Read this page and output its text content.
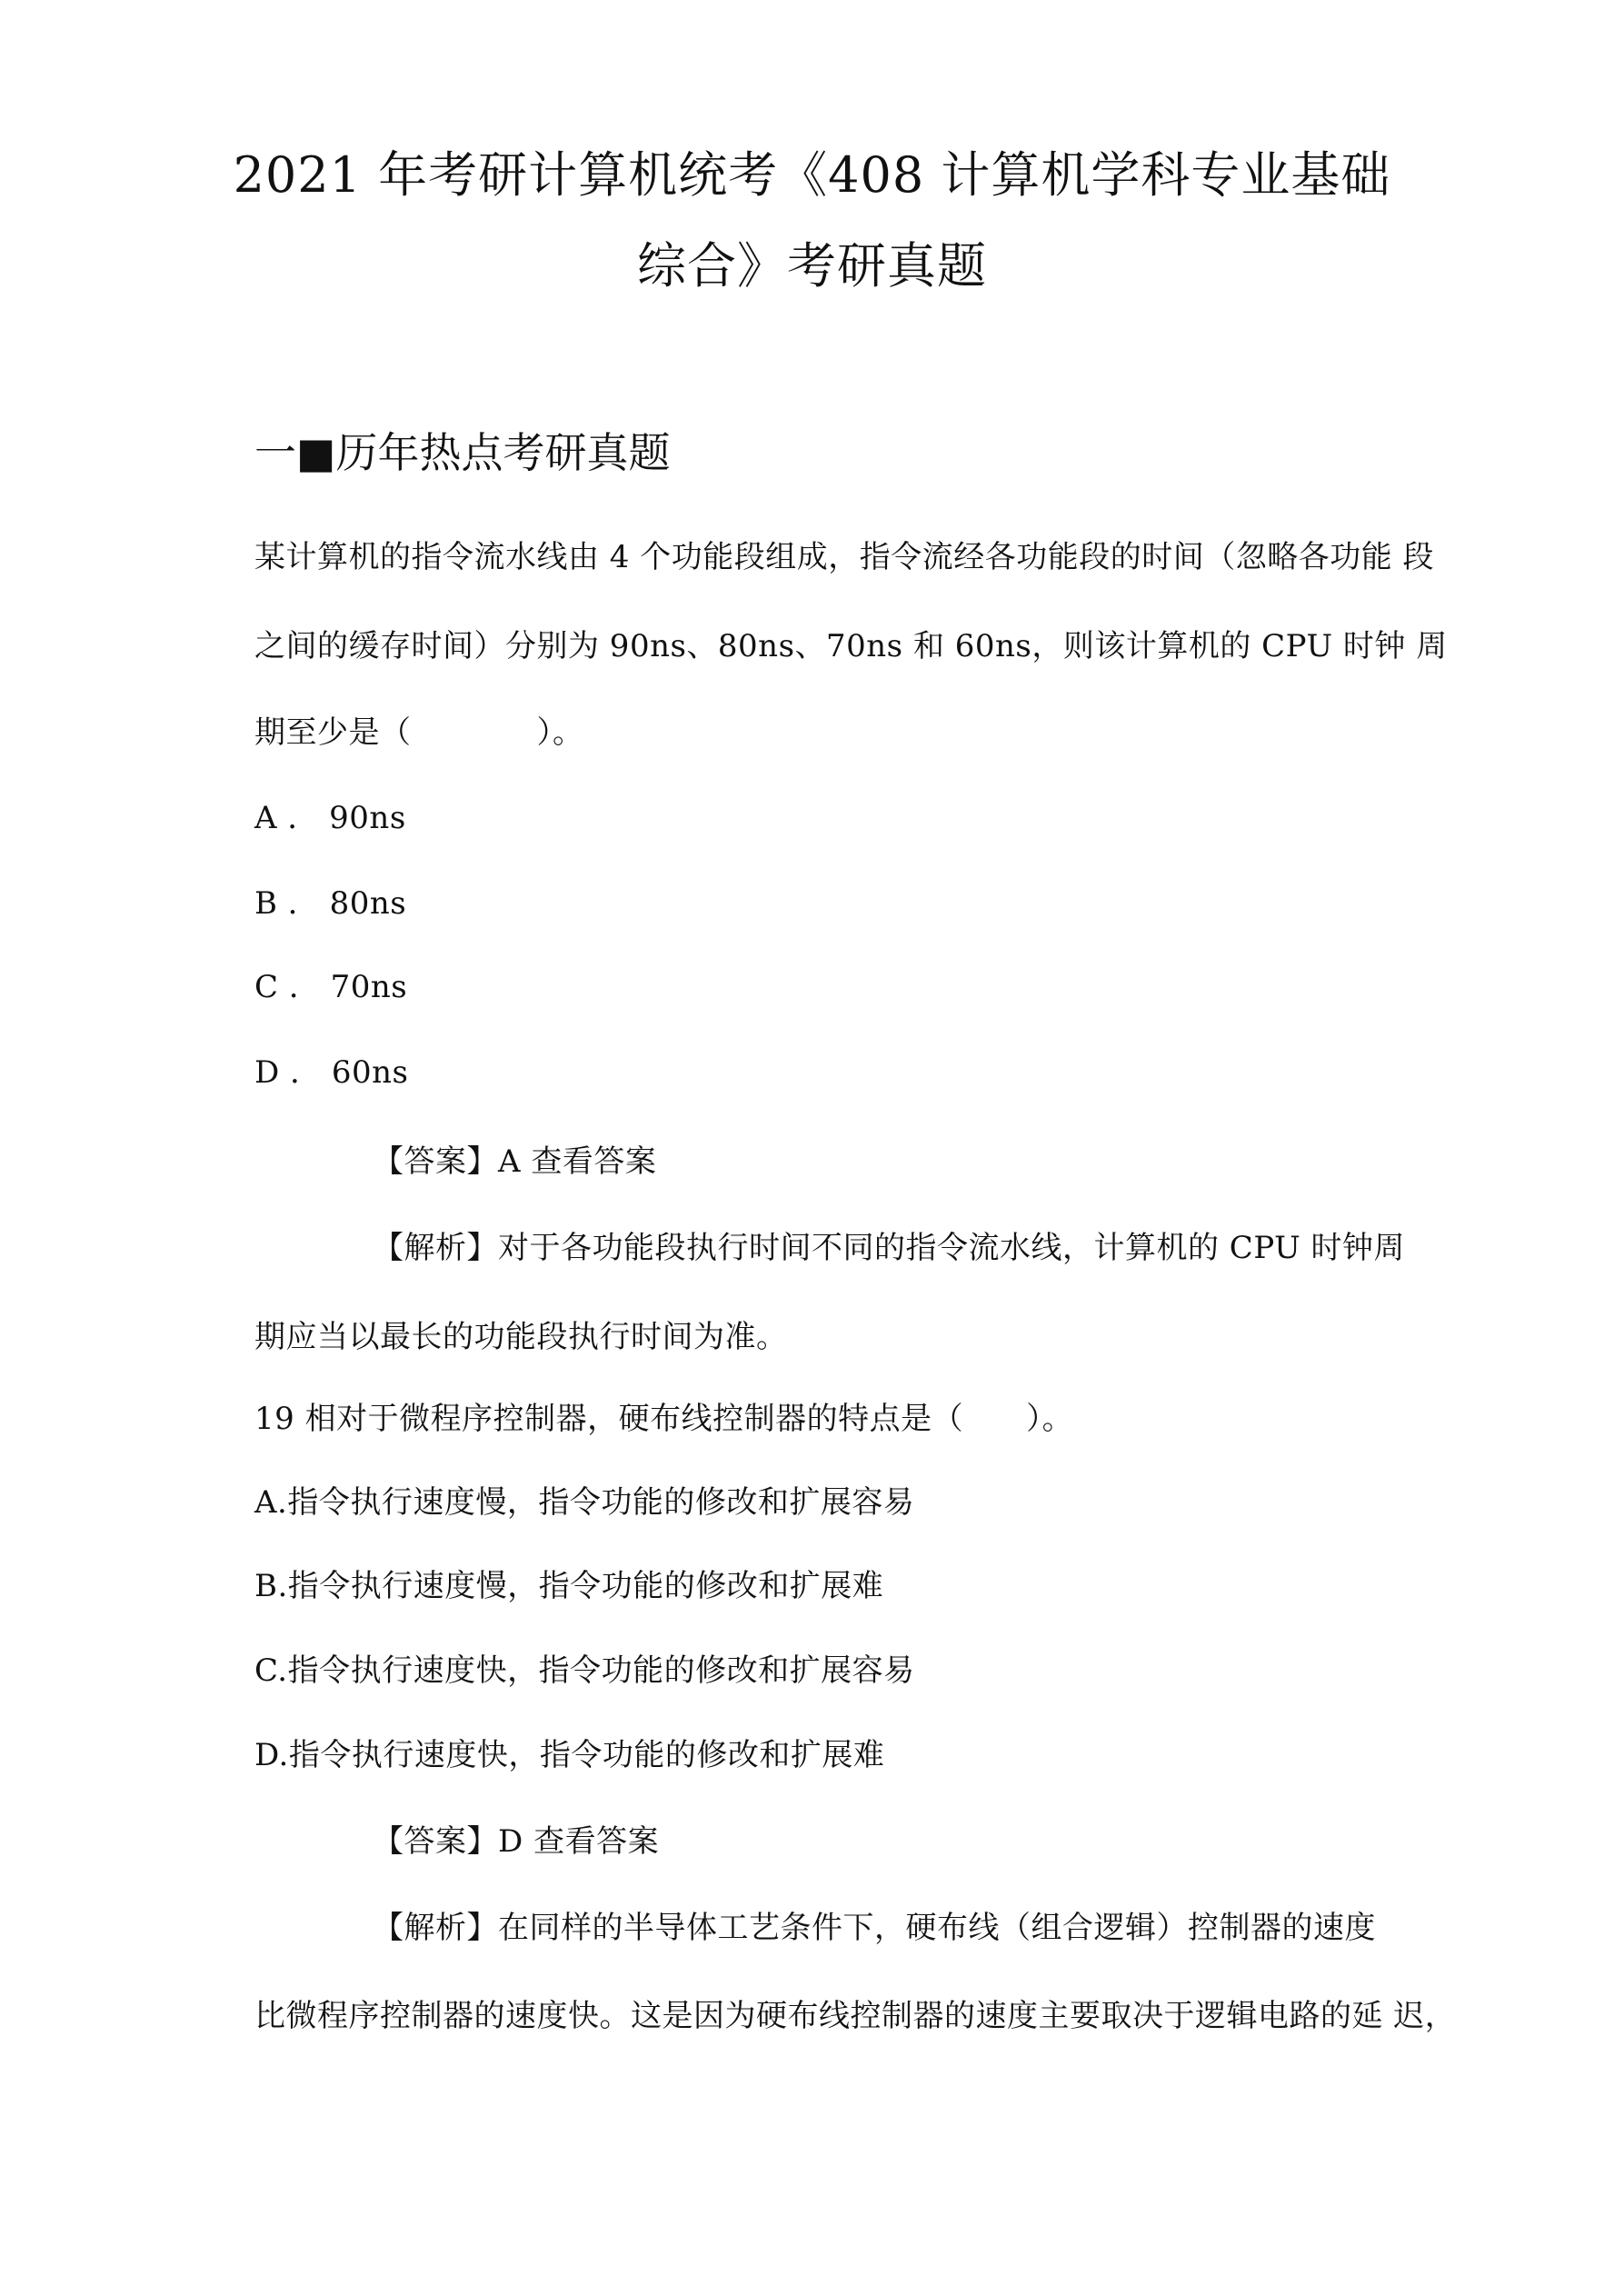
2021 年考研计算机统考《408 计算机学科专业基础
综合》考研真题
一■历年热点考研真题
某计算机的指令流水线由 4 个功能段组成，指令流经各功能段的时间（忽略各功能 段
之间的缓存时间）分别为 90ns、80ns、70ns 和 60ns，则该计算机的 CPU 时钟 周
期至少是（　　　　）。
A ． 90ns
B ． 80ns
C ． 70ns
D ． 60ns
【答案】A 查看答案
【解析】对于各功能段执行时间不同的指令流水线，计算机的 CPU 时钟周
期应当以最长的功能段执行时间为准。
19 相对于微程序控制器，硬布线控制器的特点是（　　）。
A.指令执行速度慢，指令功能的修改和扩展容易
B.指令执行速度慢，指令功能的修改和扩展难
C.指令执行速度快，指令功能的修改和扩展容易
D.指令执行速度快，指令功能的修改和扩展难
【答案】D 查看答案
【解析】在同样的半导体工艺条件下，硬布线（组合逻辑）控制器的速度
比微程序控制器的速度快。这是因为硬布线控制器的速度主要取决于逻辑电路的延 迟，
